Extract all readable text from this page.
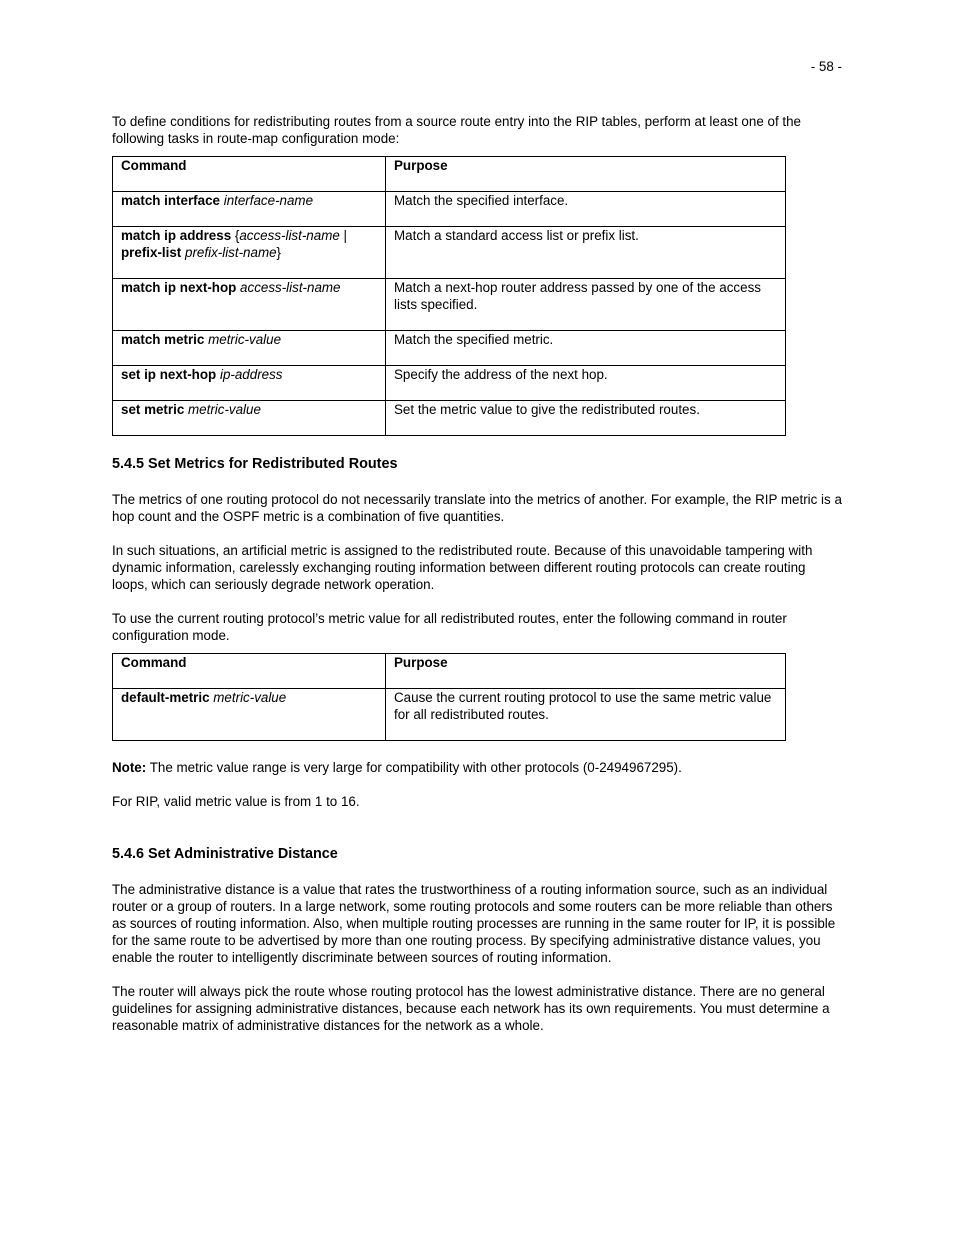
- 58 -

To define conditions for redistributing routes from a source route entry into the RIP tables, perform at least one of the following tasks in route-map configuration mode:

Command	Purpose
match interface interface-name	Match the specified interface.
match ip address {access-list-name |
prefix-list prefix-list-name}	Match a standard access list or prefix list.
match ip next-hop access-list-name	Match a next-hop router address passed by one of the access lists specified.
match metric metric-value	Match the specified metric.
set ip next-hop ip-address	Specify the address of the next hop.
set metric metric-value	Set the metric value to give the redistributed routes.
5.4.5 Set Metrics for Redistributed Routes

The metrics of one routing protocol do not necessarily translate into the metrics of another. For example, the RIP metric is a hop count and the OSPF metric is a combination of five quantities.

In such situations, an artificial metric is assigned to the redistributed route. Because of this unavoidable tampering with dynamic information, carelessly exchanging routing information between different routing protocols can create routing loops, which can seriously degrade network operation.

To use the current routing protocol’s metric value for all redistributed routes, enter the following command in router configuration mode.

Command	Purpose
default-metric metric-value	Cause the current routing protocol to use the same metric value for all redistributed routes.

Note: The metric value range is very large for compatibility with other protocols (0-2494967295).

For RIP, valid metric value is from 1 to 16.

5.4.6 Set Administrative Distance

The administrative distance is a value that rates the trustworthiness of a routing information source, such as an individual router or a group of routers. In a large network, some routing protocols and some routers can be more reliable than others as sources of routing information. Also, when multiple routing processes are running in the same router for IP, it is possible for the same route to be advertised by more than one routing process. By specifying administrative distance values, you enable the router to intelligently discriminate between sources of routing information.

The router will always pick the route whose routing protocol has the lowest administrative distance. There are no general guidelines for assigning administrative distances, because each network has its own requirements. You must determine a reasonable matrix of administrative distances for the network as a whole.
